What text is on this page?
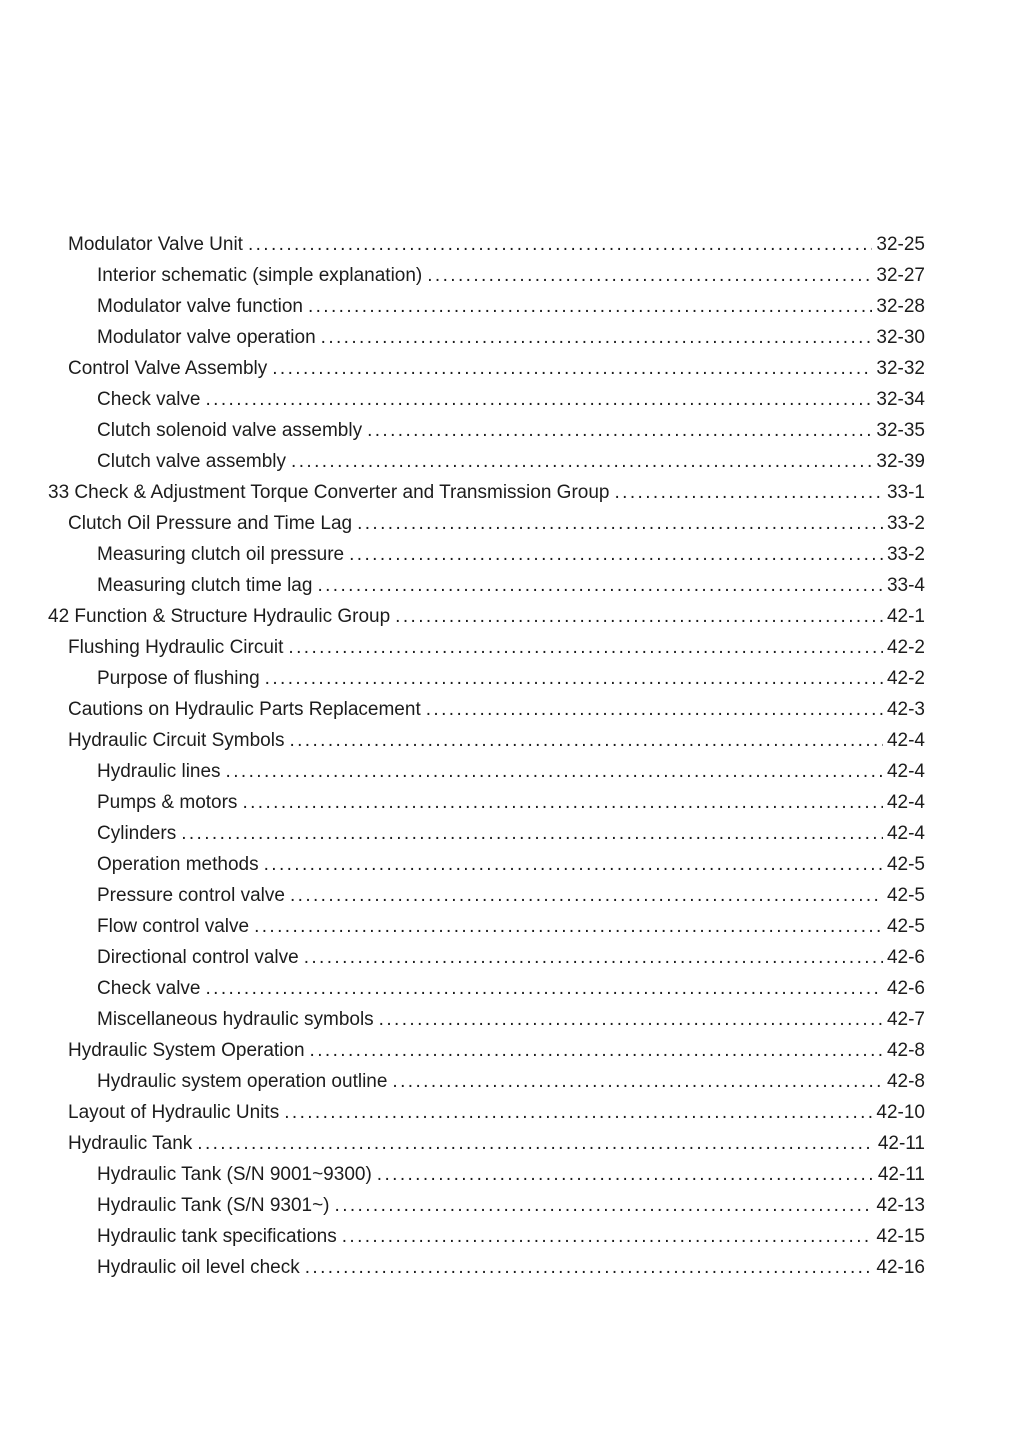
Modulator Valve Unit .....	32-25
Interior schematic (simple explanation) .....	32-27
Modulator valve function .....	32-28
Modulator valve operation .....	32-30
Control Valve Assembly .....	32-32
Check valve .....	32-34
Clutch solenoid valve assembly .....	32-35
Clutch valve assembly .....	32-39
33 Check & Adjustment Torque Converter and Transmission Group .....	33-1
Clutch Oil Pressure and Time Lag .....	33-2
Measuring clutch oil pressure .....	33-2
Measuring clutch time lag .....	33-4
42 Function & Structure Hydraulic Group .....	42-1
Flushing Hydraulic Circuit .....	42-2
Purpose of flushing .....	42-2
Cautions on Hydraulic Parts Replacement .....	42-3
Hydraulic Circuit Symbols .....	42-4
Hydraulic lines .....	42-4
Pumps & motors .....	42-4
Cylinders .....	42-4
Operation methods .....	42-5
Pressure control valve .....	42-5
Flow control valve .....	42-5
Directional control valve .....	42-6
Check valve .....	42-6
Miscellaneous hydraulic symbols .....	42-7
Hydraulic System Operation .....	42-8
Hydraulic system operation outline .....	42-8
Layout of Hydraulic Units .....	42-10
Hydraulic Tank .....	42-11
Hydraulic Tank (S/N 9001~9300) .....	42-11
Hydraulic Tank (S/N 9301~) .....	42-13
Hydraulic tank specifications .....	42-15
Hydraulic oil level check .....	42-16
